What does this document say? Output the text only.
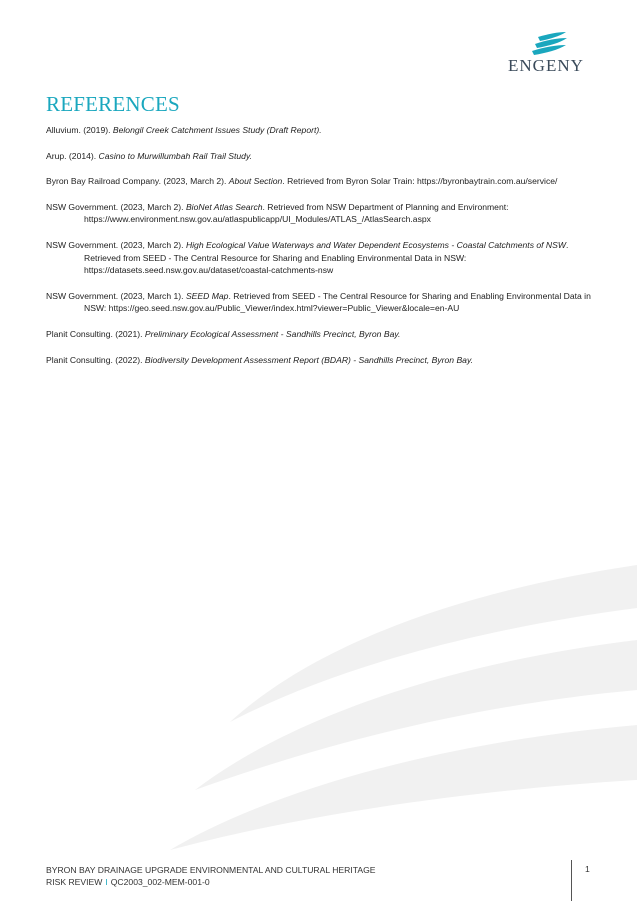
ENGENY
REFERENCES

Alluvium. (2019). Belongil Creek Catchment Issues Study (Draft Report).

Arup. (2014). Casino to Murwillumbah Rail Trail Study.

Byron Bay Railroad Company. (2023, March 2). About Section. Retrieved from Byron Solar Train: https://byronbaytrain.com.au/service/

NSW Government. (2023, March 2). BioNet Atlas Search. Retrieved from NSW Department of Planning and Environment: https://www.environment.nsw.gov.au/atlaspublicapp/UI_Modules/ATLAS_/AtlasSearch.aspx

NSW Government. (2023, March 2). High Ecological Value Waterways and Water Dependent Ecosystems - Coastal Catchments of NSW. Retrieved from SEED - The Central Resource for Sharing and Enabling Environmental Data in NSW: https://datasets.seed.nsw.gov.au/dataset/coastal-catchments-nsw

NSW Government. (2023, March 1). SEED Map. Retrieved from SEED - The Central Resource for Sharing and Enabling Environmental Data in NSW: https://geo.seed.nsw.gov.au/Public_Viewer/index.html?viewer=Public_Viewer&locale=en-AU

Planit Consulting. (2021). Preliminary Ecological Assessment - Sandhills Precinct, Byron Bay.

Planit Consulting. (2022). Biodiversity Development Assessment Report (BDAR) - Sandhills Precinct, Byron Bay.

BYRON BAY DRAINAGE UPGRADE ENVIRONMENTAL AND CULTURAL HERITAGE
RISK REVIEW I QC2003_002-MEM-001-0
1
